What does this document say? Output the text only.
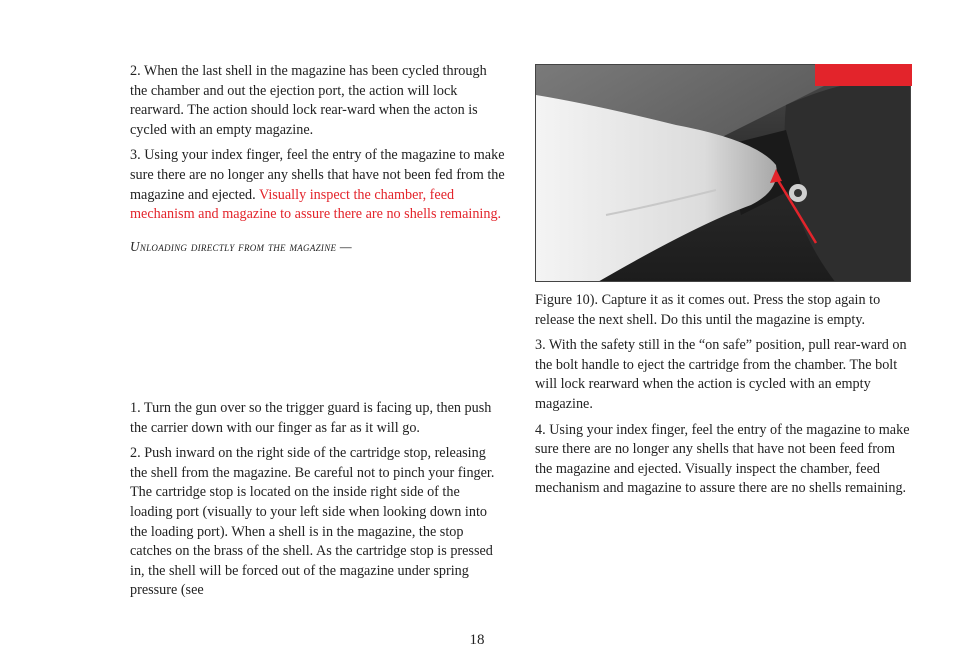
2. When the last shell in the magazine has been cycled through the chamber and out the ejection port, the action will lock rearward. The action should lock rear-ward when the acton is cycled with an empty magazine.

3. Using your index finger, feel the entry of the magazine to make sure there are no longer any shells that have not been fed from the magazine and ejected. Visually inspect the chamber, feed mechanism and magazine to assure there are no shells remaining.

Unloading directly from the magazine —

1. Turn the gun over so the trigger guard is facing up, then push the carrier down with our finger as far as it will go.

2. Push inward on the right side of the cartridge stop, releasing the shell from the magazine. Be careful not to pinch your finger. The cartridge stop is located on the inside right side of the loading port (visually to your left side when looking down into the loading port). When a shell is in the magazine, the stop catches on the brass of the shell. As the cartridge stop is pressed in, the shell will be forced out of the magazine under spring pressure (see

Figure 10). Capture it as it comes out. Press the stop again to release the next shell. Do this until the magazine is empty.

3. With the safety still in the “on safe” position, pull rear-ward on the bolt handle to eject the cartridge from the chamber. The bolt will lock rearward when the action is cycled with an empty magazine.

4. Using your index finger, feel the entry of the magazine to make sure there are no longer any shells that have not been feed from the magazine and ejected. Visually inspect the chamber, feed mechanism and magazine to assure there are no shells remaining.

18
